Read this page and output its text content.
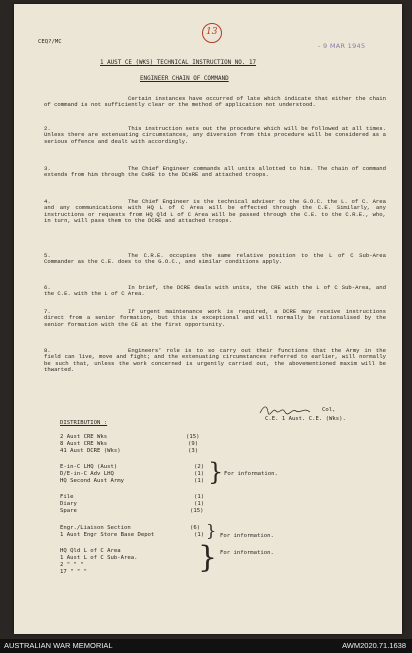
CEQ?/MC
13
- 9 MAR 1945
1 AUST CE (WKS) TECHNICAL INSTRUCTION NO. 17
ENGINEER CHAIN OF COMMAND
Certain instances have occurred of late which indicate that either the chain of command is not sufficiently clear or the method of application not understood.
2.	This instruction sets out the procedure which will be followed at all times. Unless there are extenuating circumstances, any diversion from this procedure will be considered as a serious offence and dealt with accordingly.
3.	The Chief Engineer commands all units allotted to him. The chain of command extends from him through the CsRE to the DCsRE and attached troops.
4.	The Chief Engineer is the technical adviser to the G.O.C. the L. of C. Area and any communications with HQ L of C Area will be effected through the C.E. Similarly, any instructions or requests from HQ Qld L of C Area will be passed through the C.E. to the C.R.E., who, in turn, will pass them to the DCRE and attached troops.
5.	The C.R.E. occupies the same relative position to the L of C Sub-Area Commander as the C.E. does to the G.O.C., and similar conditions apply.
6.	In brief, the DCRE deals with units, the CRE with the L of C Sub-Area, and the C.E. with the L of C Area.
7.	If urgent maintenance work is required, a DCRE may receive instructions direct from a senior formation, but this is exceptional and will normally be rationalised by the senior formation with the CE at the first opportunity.
8.	Engineers' role is to so carry out their functions that the Army in the field can live, move and fight; and the extenuating circumstances referred to earlier, will normally be such that, unless the work concerned is urgently carried out, the abovementioned maxim will be thwarted.
Col,
C.E. 1 Aust. C.E. (Wks).
DISTRIBUTION :
2 Aust CRE Wks	(15)
8 Aust CRE Wks	(9)
41 Aust DCRE (Wks)	(3)
E-in-C LHQ (Aust)	(2)
D/E-in-C Adv LHQ	(1)
HQ Second Aust Army	(1) } For information.
File	(1)
Diary	(1)
Spare	(15)
Engr./Liaison Section	(6)
1 Aust Engr Store Base Depot	(1) } For information.
HQ Qld L of C Area
1 Aust L of C Sub-Area.
2 " " "
17 " " "	} For information.
AUSTRALIAN WAR MEMORIAL	AWM2020.71.1638
